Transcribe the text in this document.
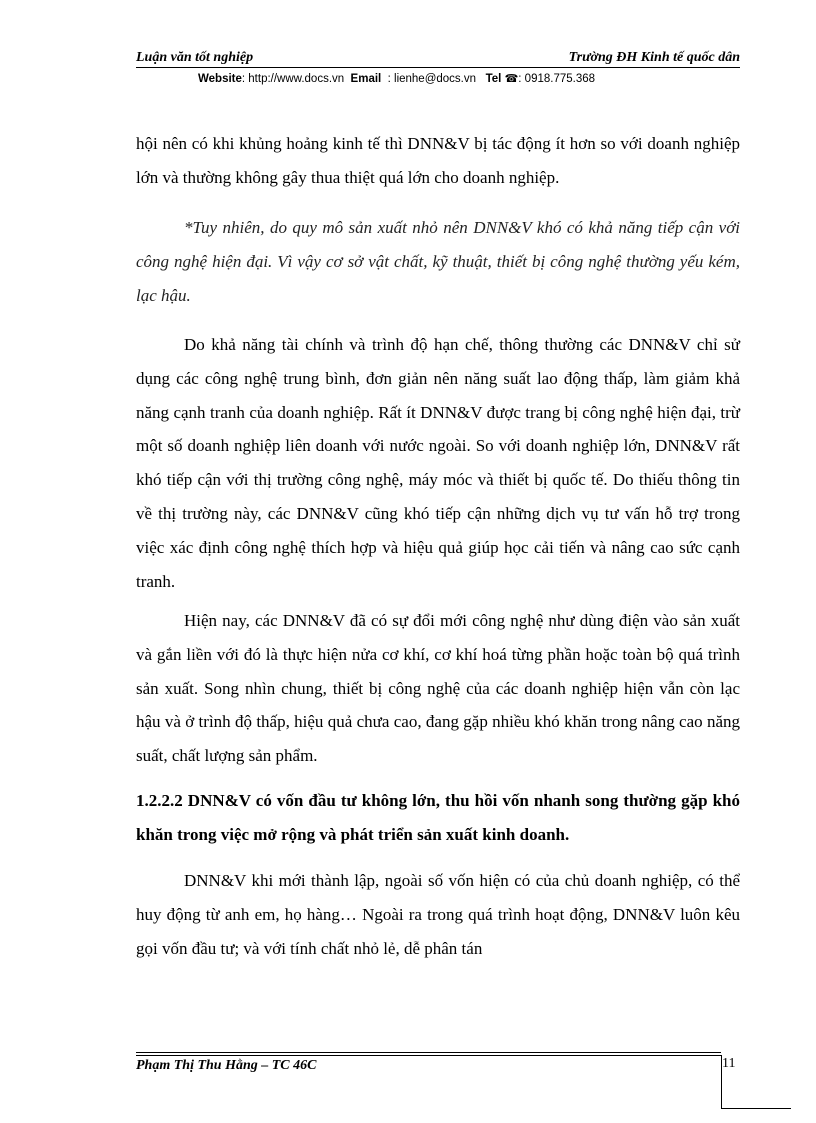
Luận văn tốt nghiệp	Trường ĐH Kinh tế quốc dân
Website: http://www.docs.vn Email : lienhe@docs.vn Tel ☎: 0918.775.368

hội nên có khi khủng hoảng kinh tế thì DNN&V bị tác động ít hơn so với doanh nghiệp lớn và thường không gây thua thiệt quá lớn cho doanh nghiệp.

*Tuy nhiên, do quy mô sản xuất nhỏ nên DNN&V khó có khả năng tiếp cận với công nghệ hiện đại. Vì vậy cơ sở vật chất, kỹ thuật, thiết bị công nghệ thường yếu kém, lạc hậu.

Do khả năng tài chính và trình độ hạn chế, thông thường các DNN&V chỉ sử dụng các công nghệ trung bình, đơn giản nên năng suất lao động thấp, làm giảm khả năng cạnh tranh của doanh nghiệp. Rất ít DNN&V được trang bị công nghệ hiện đại, trừ một số doanh nghiệp liên doanh với nước ngoài. So với doanh nghiệp lớn, DNN&V rất khó tiếp cận với thị trường công nghệ, máy móc và thiết bị quốc tế. Do thiếu thông tin về thị trường này, các DNN&V cũng khó tiếp cận những dịch vụ tư vấn hỗ trợ trong việc xác định công nghệ thích hợp và hiệu quả giúp học cải tiến và nâng cao sức cạnh tranh.

Hiện nay, các DNN&V đã có sự đổi mới công nghệ như dùng điện vào sản xuất và gắn liền với đó là thực hiện nửa cơ khí, cơ khí hoá từng phần hoặc toàn bộ quá trình sản xuất. Song nhìn chung, thiết bị công nghệ của các doanh nghiệp hiện vẫn còn lạc hậu và ở trình độ thấp, hiệu quả chưa cao, đang gặp nhiều khó khăn trong nâng cao năng suất, chất lượng sản phẩm.

1.2.2.2 DNN&V có vốn đầu tư không lớn, thu hồi vốn nhanh song thường gặp khó khăn trong việc mở rộng và phát triển sản xuất kinh doanh.

DNN&V khi mới thành lập, ngoài số vốn hiện có của chủ doanh nghiệp, có thể huy động từ anh em, họ hàng… Ngoài ra trong quá trình hoạt động, DNN&V luôn kêu gọi vốn đầu tư; và với tính chất nhỏ lẻ, dễ phân tán

Phạm Thị Thu Hằng – TC 46C	11
